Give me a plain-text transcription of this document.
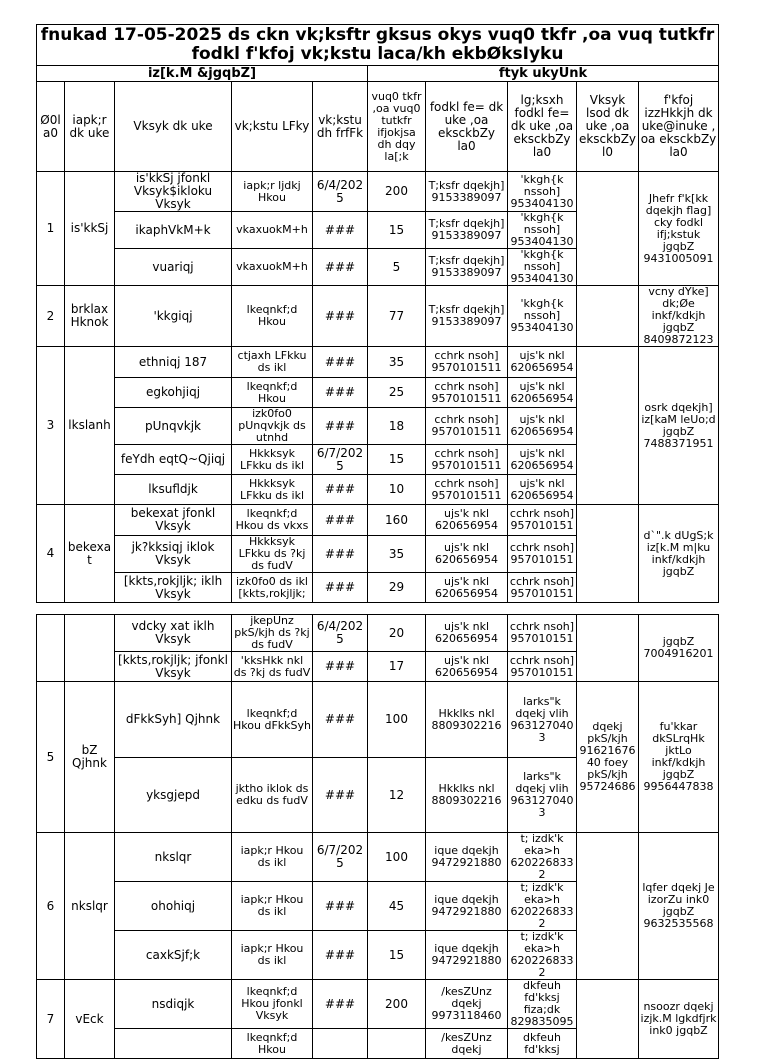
fnukad 17-05-2025 ds ckn vk;ksftr gksus okys vuq0 tkfr ,oa vuq tutkfr fodkl f'kfoj vk;kstu laca/kh ekbØksIyku									
iz[k.M &jgqbZ]					ftyk ukyUnk				
Ø0l a0	iapk;r dk uke	Vksyk dk uke	vk;kstu LFky	vk;kstu dh frfFk	vuq0 tkfr ,oa vuq0 tutkfr ifjokjsa dh dqy la[;k	fodkl fe= dk uke ,oa eksckbZy la0	lg;ksxh fodkl fe= dk uke ,oa eksckbZy la0	Vksyk lsod dk uke ,oa eksckbZy l0	f'kfoj izzHkkjh dk uke@inuke , oa eksckbZy la0

1	is'kkSj	is'kkSj jfonkl Vksyk$ikloku Vksyk	iapk;r ljdkj Hkou	6/4/2025	200	T;ksfr dqekjh] 9153389097	'kkgh{k nssoh] 953404130		Jhefr f'k[kk dqekjh flag] cky fodkl ifj;kstuk jgqbZ 9431005091

		ikaphVkM+k	vkaxuokM+h	###	15	T;ksfr dqekjh] 9153389097	'kkgh{k nssoh] 953404130		

		vuariqj	vkaxuokM+h	###	5	T;ksfr dqekjh] 9153389097	'kkgh{k nssoh] 953404130		

2	brklax Hknok	'kkgiqj	lkeqnkf;d Hkou	###	77	T;ksfr dqekjh] 9153389097	'kkgh{k nssoh] 953404130		vcny dYke] dk;Øe inkf/kdkjh jgqbZ 8409872123

3	lkslanh	ethniqj 187	ctjaxh LFkku ds ikl	###	35	cchrk nsoh] 9570101511	ujs'k nkl 620656954		osrk dqekjh] iz[kaM leUo;d jgqbZ 7488371951

		egkohjiqj	lkeqnkf;d Hkou	###	25	cchrk nsoh] 9570101511	ujs'k nkl 620656954		

		pUnqvkjk	izk0fo0 pUnqvkjk ds utnhd	###	18	cchrk nsoh] 9570101511	ujs'k nkl 620656954		

		feYdh eqtQ~Qjiqj	Hkkksyk LFkku ds ikl	6/7/2025	15	cchrk nsoh] 9570101511	ujs'k nkl 620656954		

		lksufldjk	Hkkksyk LFkku ds ikl	###	10	cchrk nsoh] 9570101511	ujs'k nkl 620656954		

4	bekexat	bekexat jfonkl Vksyk	lkeqnkf;d Hkou ds vkxs	###	160	ujs'k nkl 620656954	cchrk nsoh] 957010151		d`".k dUgS;k iz[k.M m|ku inkf/kdkjh jgqbZ

		jk?kksiqj iklok Vksyk	Hkkksyk LFkku ds ?kj ds fudV	###	35	ujs'k nkl 620656954	cchrk nsoh] 957010151		

		[kkts,rokjljk; iklh Vksyk	izk0fo0 ds ikl [kkts,rokjljk;	###	29	ujs'k nkl 620656954	cchrk nsoh] 957010151		

		vdcky xat iklh Vksyk	jkepUnz pkS/kjh ds ?kj ds fudV	6/4/2025	20	ujs'k nkl 620656954	cchrk nsoh] 957010151		jgqbZ 7004916201

		[kkts,rokjljk; jfonkl Vksyk	'kksHkk nkl ds ?kj ds fudV	###	17	ujs'k nkl 620656954	cchrk nsoh] 957010151		

5	bZ Qjhnk	dFkkSyh] Qjhnk	lkeqnkf;d Hkou dFkkSyh	###	100	Hkklks nkl 8809302216	larks"k dqekj vlih 963127040 3	dqekj pkS/kjh 91621676 40 foey pkS/kjh 95724686	fu'kkar dkSLrqHk jktLo inkf/kdkjh jgqbZ 9956447838

		yksgjepd	jktho iklok ds edku ds fudV	###	12	Hkklks nkl 8809302216	larks"k dqekj vlih 963127040 3		

6	nkslqr	nkslqr	iapk;r Hkou ds ikl	6/7/2025	100	ique dqekjh 9472921880	t; izdk'k eka>h 620226833 2		lqfer dqekj Je izorZu ink0 jgqbZ 9632535568

		ohohiqj	iapk;r Hkou ds ikl	###	45	ique dqekjh 9472921880	t; izdk'k eka>h 620226833 2		

		caxkSjf;k	iapk;r Hkou ds ikl	###	15	ique dqekjh 9472921880	t; izdk'k eka>h 620226833 2		

7	vEck	nsdiqjk	lkeqnkf;d Hkou jfonkl Vksyk	###	200	/kesZUnz dqekj 9973118460	dkfeuh fd'kksj fiza;dk 829835095		nsoozr dqekj izjk.M lgkdfjrk ink0 jgqbZ

			lkeqnkf;d Hkou			/kesZUnz dqekj	dkfeuh fd'kksj		
